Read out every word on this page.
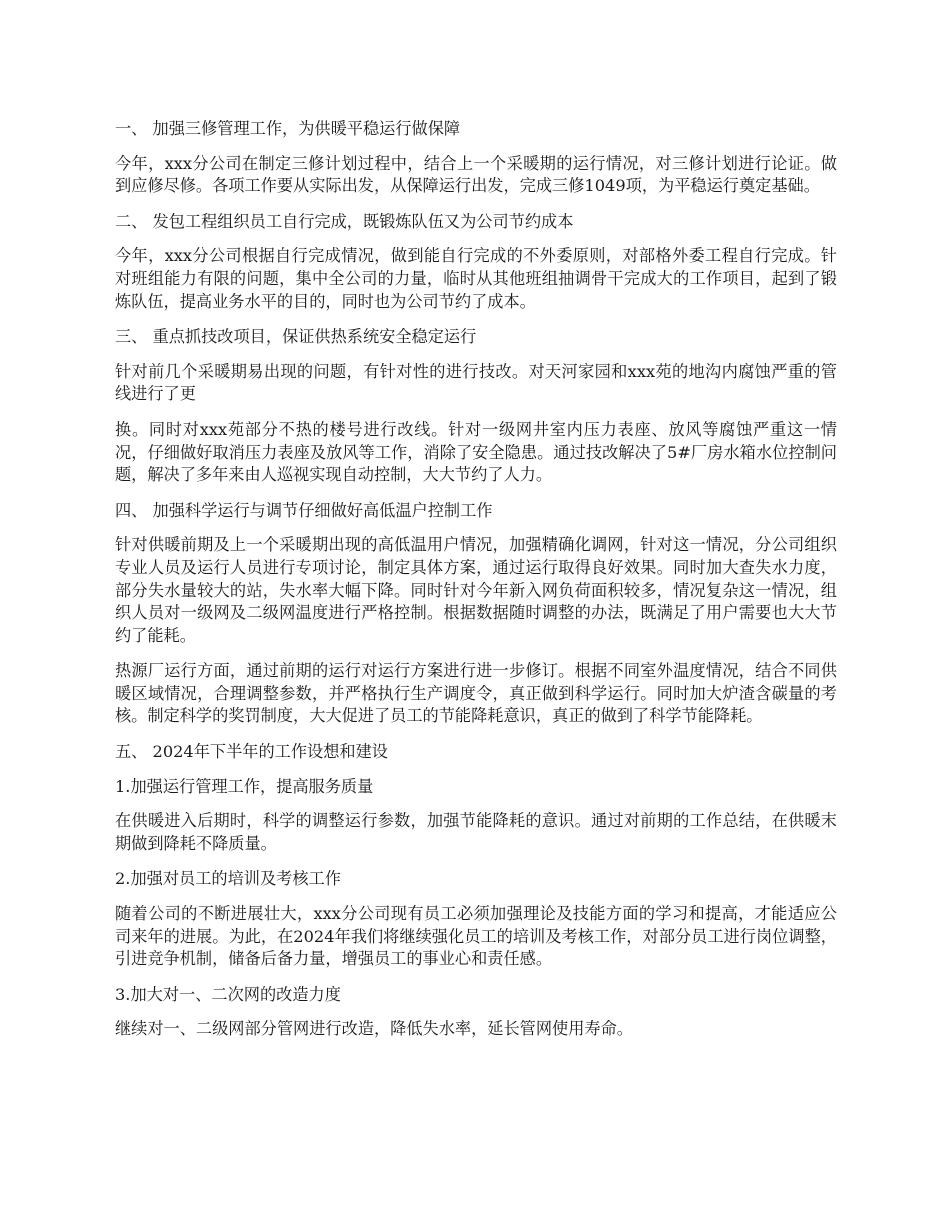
一、 加强三修管理工作，为供暖平稳运行做保障

今年，xxx分公司在制定三修计划过程中，结合上一个采暖期的运行情况，对三修计划进行论证。做到应修尽修。各项工作要从实际出发，从保障运行出发，完成三修1049项，为平稳运行奠定基础。

二、 发包工程组织员工自行完成，既锻炼队伍又为公司节约成本

今年，xxx分公司根据自行完成情况，做到能自行完成的不外委原则，对部格外委工程自行完成。针对班组能力有限的问题，集中全公司的力量，临时从其他班组抽调骨干完成大的工作项目，起到了锻炼队伍，提高业务水平的目的，同时也为公司节约了成本。

三、 重点抓技改项目，保证供热系统安全稳定运行

针对前几个采暖期易出现的问题，有针对性的进行技改。对天河家园和xxx苑的地沟内腐蚀严重的管线进行了更

换。同时对xxx苑部分不热的楼号进行改线。针对一级网井室内压力表座、放风等腐蚀严重这一情况，仔细做好取消压力表座及放风等工作，消除了安全隐患。通过技改解决了5#厂房水箱水位控制问题，解决了多年来由人巡视实现自动控制，大大节约了人力。

四、 加强科学运行与调节仔细做好高低温户控制工作

针对供暖前期及上一个采暖期出现的高低温用户情况，加强精确化调网，针对这一情况，分公司组织专业人员及运行人员进行专项讨论，制定具体方案，通过运行取得良好效果。同时加大查失水力度，部分失水量较大的站，失水率大幅下降。同时针对今年新入网负荷面积较多，情况复杂这一情况，组织人员对一级网及二级网温度进行严格控制。根据数据随时调整的办法，既满足了用户需要也大大节约了能耗。

热源厂运行方面，通过前期的运行对运行方案进行进一步修订。根据不同室外温度情况，结合不同供暖区域情况，合理调整参数，并严格执行生产调度令，真正做到科学运行。同时加大炉渣含碳量的考核。制定科学的奖罚制度，大大促进了员工的节能降耗意识，真正的做到了科学节能降耗。

五、 2024年下半年的工作设想和建设

1.加强运行管理工作，提高服务质量

在供暖进入后期时，科学的调整运行参数，加强节能降耗的意识。通过对前期的工作总结，在供暖末期做到降耗不降质量。

2.加强对员工的培训及考核工作

随着公司的不断进展壮大，xxx分公司现有员工必须加强理论及技能方面的学习和提高，才能适应公司来年的进展。为此，在2024年我们将继续强化员工的培训及考核工作，对部分员工进行岗位调整，引进竞争机制，储备后备力量，增强员工的事业心和责任感。

3.加大对一、二次网的改造力度

继续对一、二级网部分管网进行改造，降低失水率，延长管网使用寿命。
